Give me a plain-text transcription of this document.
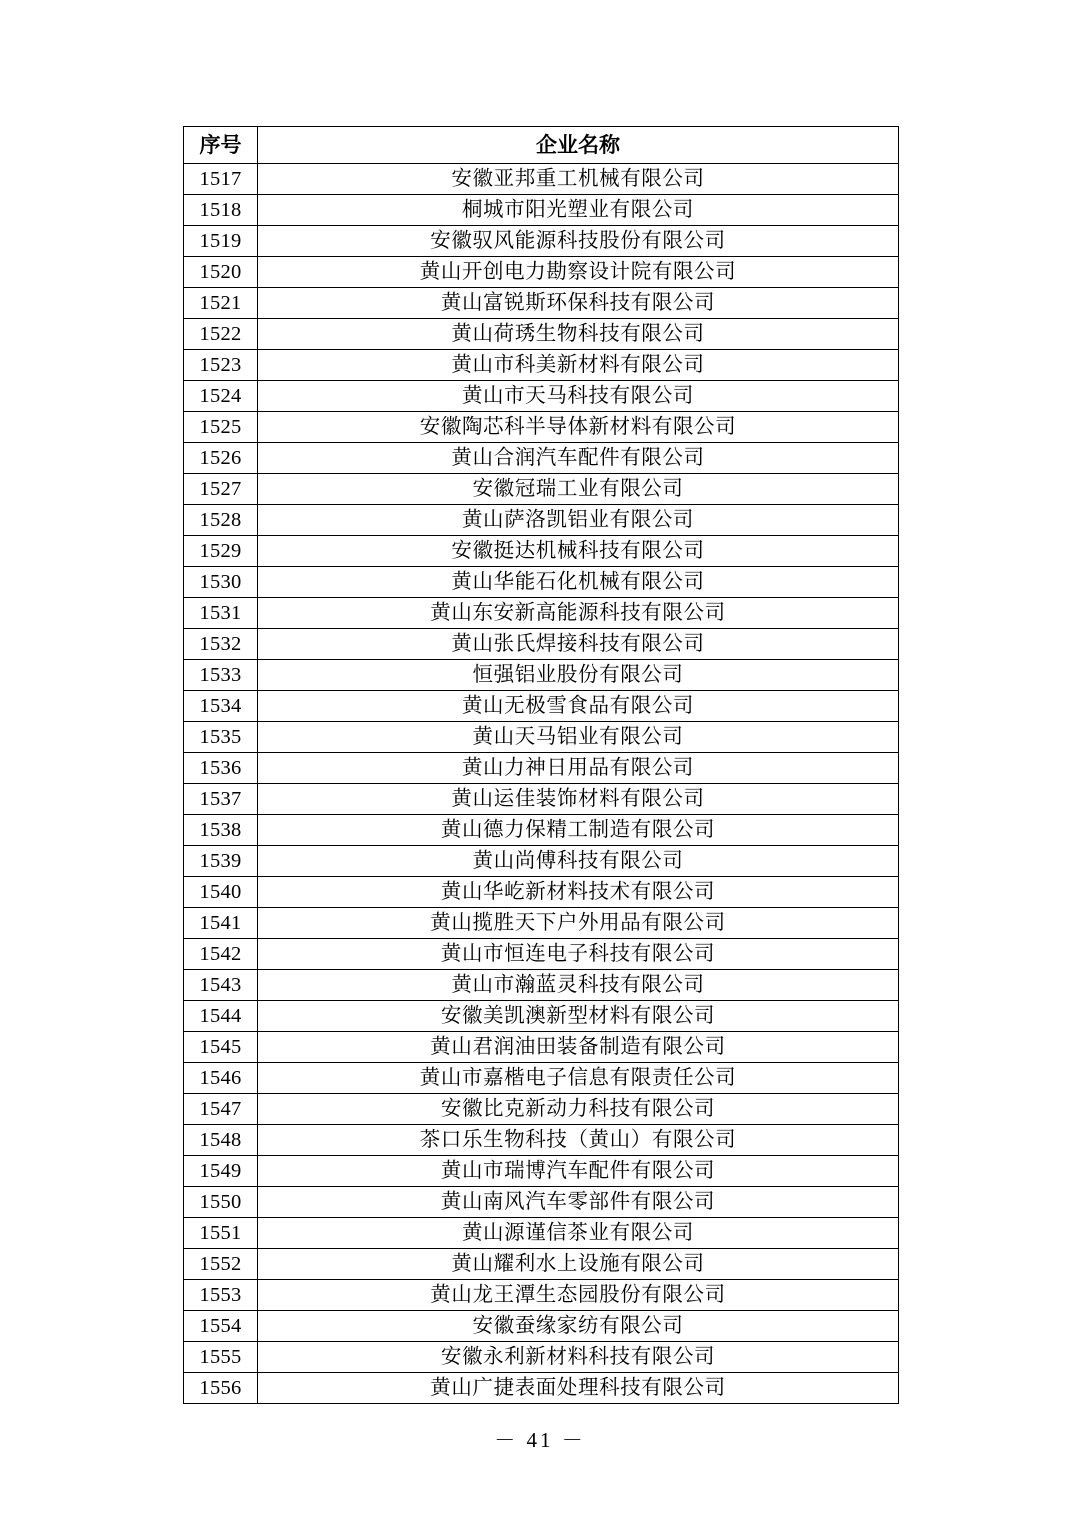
序号	企业名称
1517	安徽亚邦重工机械有限公司
1518	桐城市阳光塑业有限公司
1519	安徽驭风能源科技股份有限公司
1520	黄山开创电力勘察设计院有限公司
1521	黄山富锐斯环保科技有限公司
1522	黄山荷琇生物科技有限公司
1523	黄山市科美新材料有限公司
1524	黄山市天马科技有限公司
1525	安徽陶芯科半导体新材料有限公司
1526	黄山合润汽车配件有限公司
1527	安徽冠瑞工业有限公司
1528	黄山萨洛凯铝业有限公司
1529	安徽挺达机械科技有限公司
1530	黄山华能石化机械有限公司
1531	黄山东安新高能源科技有限公司
1532	黄山张氏焊接科技有限公司
1533	恒强铝业股份有限公司
1534	黄山无极雪食品有限公司
1535	黄山天马铝业有限公司
1536	黄山力神日用品有限公司
1537	黄山运佳装饰材料有限公司
1538	黄山德力保精工制造有限公司
1539	黄山尚傅科技有限公司
1540	黄山华屹新材料技术有限公司
1541	黄山揽胜天下户外用品有限公司
1542	黄山市恒连电子科技有限公司
1543	黄山市瀚蓝灵科技有限公司
1544	安徽美凯澳新型材料有限公司
1545	黄山君润油田装备制造有限公司
1546	黄山市嘉楷电子信息有限责任公司
1547	安徽比克新动力科技有限公司
1548	茶口乐生物科技（黄山）有限公司
1549	黄山市瑞博汽车配件有限公司
1550	黄山南风汽车零部件有限公司
1551	黄山源谨信茶业有限公司
1552	黄山耀利水上设施有限公司
1553	黄山龙王潭生态园股份有限公司
1554	安徽蚕缘家纺有限公司
1555	安徽永利新材料科技有限公司
1556	黄山广捷表面处理科技有限公司
－ 41 －
